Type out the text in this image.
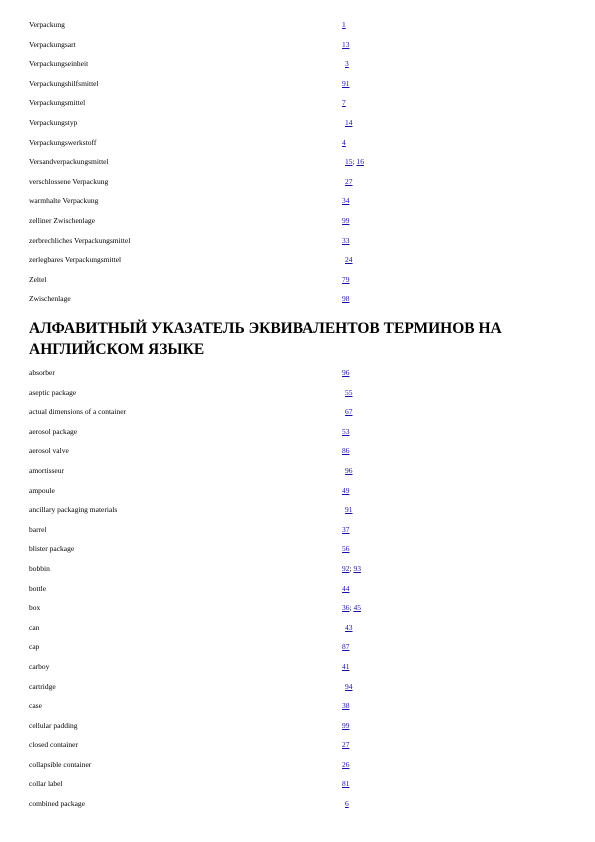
Verpackung	1
Verpackungsart	13
Verpackungseinheit	3
Verpackungshilfsmittel	91
Verpackungsmittel	7
Verpackungstyp	14
Verpackungswerkstoff	4
Versandverpackungsmittel	15; 16
verschlossene Verpackung	27
warmhaltе Verpackung	34
zelliner Zwischenlage	99
zerbrechliches Verpackungsmittel	33
zerlegbares Verpackungsmittel	24
Zeltel	79
Zwischenlage	98
АЛФАВИТНЫЙ УКАЗАТЕЛЬ ЭКВИВАЛЕНТОВ ТЕРМИНОВ НА АНГЛИЙСКОМ ЯЗЫКЕ
absorber	96
aseptic package	55
actual dimensions of a container	67
aerosol package	53
aerosol valve	86
amortisseur	96
ampoule	49
ancillary packaging materials	91
barrel	37
blister package	56
bobbin	92; 93
bottle	44
box	36; 45
can	43
cap	87
carboy	41
cartridge	94
case	38
cellular padding	99
closed container	27
collapsible container	26
collar label	81
combined package	6
